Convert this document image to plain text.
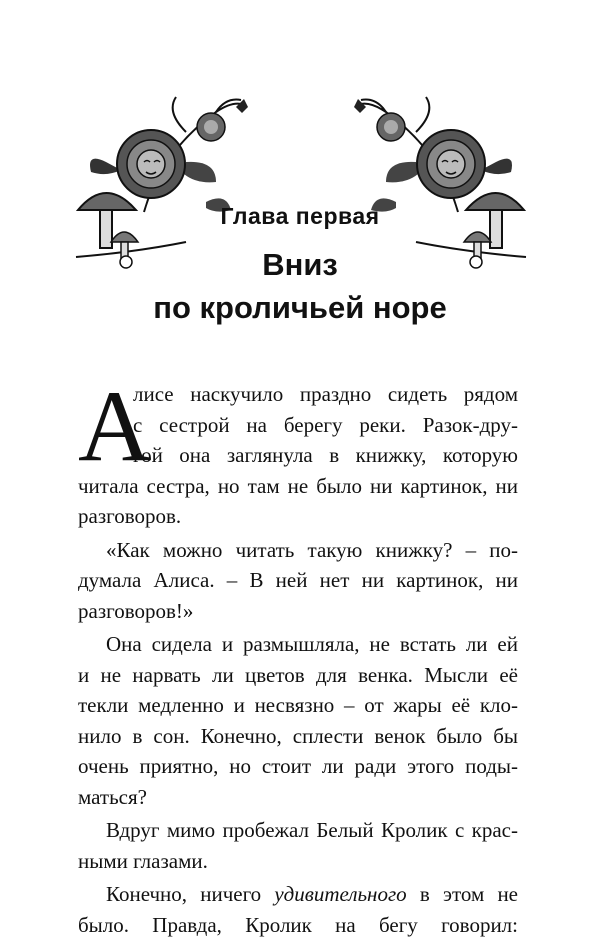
Глава первая
Вниз
по кроличьей норе
А
лисе наскучило праздно сидеть рядом
с сестрой на берегу реки. Разок-дру-
гой она заглянула в книжку, которую
читала сестра, но там не было ни картинок, ни
разговоров.
«Как можно читать такую книжку? – по-
думала Алиса. – В ней нет ни картинок, ни
разговоров!»
Она сидела и размышляла, не встать ли ей
и не нарвать ли цветов для венка. Мысли её
текли медленно и несвязно – от жары её кло-
нило в сон. Конечно, сплести венок было бы
очень приятно, но стоит ли ради этого поды-
маться?
Вдруг мимо пробежал Белый Кролик с крас-
ными глазами.
Конечно, ничего удивительного в этом не
было. Правда, Кролик на бегу говорил:
